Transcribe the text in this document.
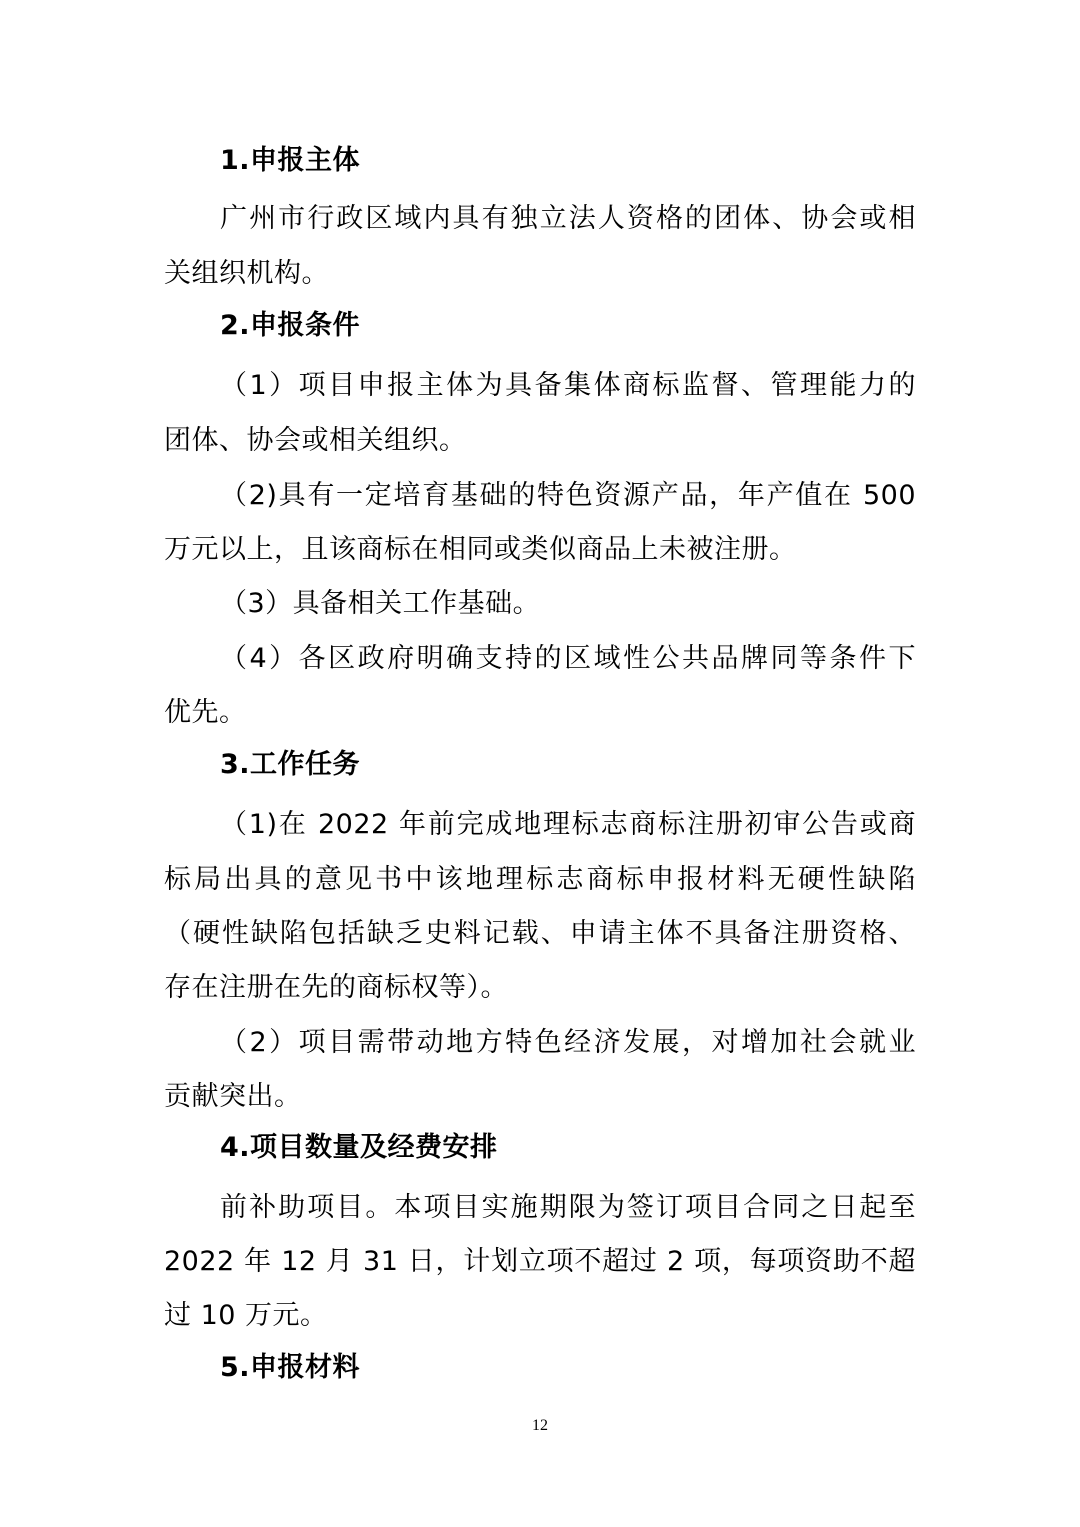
1.申报主体
广州市行政区域内具有独立法人资格的团体、协会或相
关组织机构。
2.申报条件
（1）项目申报主体为具备集体商标监督、管理能力的
团体、协会或相关组织。
（2)具有一定培育基础的特色资源产品，年产值在 500
万元以上，且该商标在相同或类似商品上未被注册。
（3）具备相关工作基础。
（4）各区政府明确支持的区域性公共品牌同等条件下
优先。
3.工作任务
（1)在 2022 年前完成地理标志商标注册初审公告或商
标局出具的意见书中该地理标志商标申报材料无硬性缺陷
（硬性缺陷包括缺乏史料记载、申请主体不具备注册资格、
存在注册在先的商标权等）。
（2）项目需带动地方特色经济发展，对增加社会就业
贡献突出。
4.项目数量及经费安排
前补助项目。本项目实施期限为签订项目合同之日起至
2022 年 12 月 31 日，计划立项不超过 2 项，每项资助不超
过 10 万元。
5.申报材料
12
